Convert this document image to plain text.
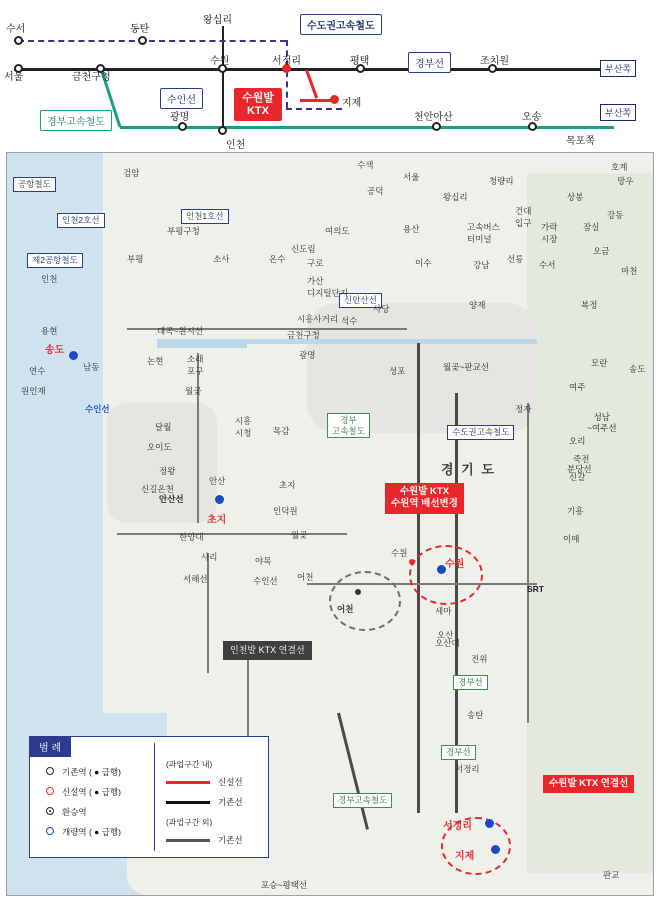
수서	동탄
왕십리
서울	금천구청
수원	서정리	평택	조치원
광명
인천
지제
천안아산	오송
목포쪽
수도권고속철도
경부선
수인선
경부고속철도
수원발
KTX
부산쪽
부산쪽
경 기 도
공항철도
인천2호선
제2공항철도
인천1호선
신안산선
대곡~원시선
수인선
안산선
서해선
월곶~판교선
수도권고속철도
경부
고속철도
경부고속철도
경부선
경부선
분당선
성남
~여주선
SRT
포승~평택선
수원발 KTX
수원역 배선변경
수원발 KTX 연결선
인천발 KTX 연결선
검암
수색
서울
공덕
왕십리	상봉
망우
강동
건대
입구
부평구청	여의도	용산	고속버스
터미널
가락
시장
잠실
부평	소사	온수
신도림
구로	이수	강남
선릉
수서
오금
마천
인천
용현
송도
연수
원인재
남동
논현	소래
포구
월곶
달월
시흥
시청	목감
가산
디지털단지
시흥사거리
금천구청
석수
광명
사당	양재	복정
모란
성포
오이도
정왕
신길온천
안산
초지
초지
인덕원
월곶
한양대
사리	야목
어천
수인선
어천
수원
수원
세마
오산대
오산
진위
송탄
서정리
서정리
지제
판교
정자
오리
죽전
신갈
기흥
이매
여주
송도
청량리
호계
범 례
기존역 ( ● 급행)
신설역 ( ● 급행)
환승역
개량역 ( ● 급행)
(과업구간 내)
신설선
기존선
(과업구간 외)
기존선
